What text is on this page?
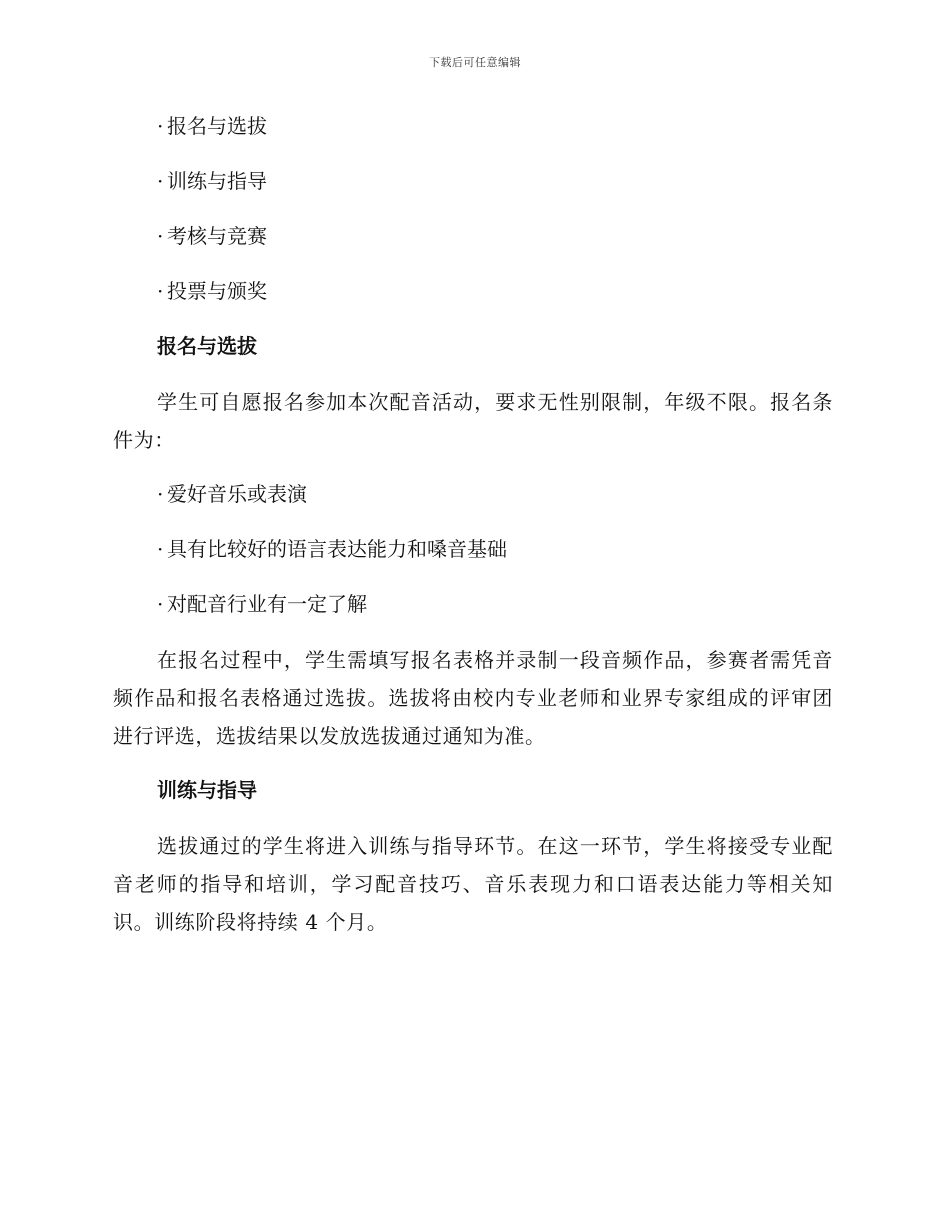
下载后可任意编辑
· 报名与选拔
· 训练与指导
· 考核与竞赛
· 投票与颁奖
报名与选拔
学生可自愿报名参加本次配音活动，要求无性别限制，年级不限。报名条件为：
· 爱好音乐或表演
· 具有比较好的语言表达能力和嗓音基础
· 对配音行业有一定了解
在报名过程中，学生需填写报名表格并录制一段音频作品，参赛者需凭音频作品和报名表格通过选拔。选拔将由校内专业老师和业界专家组成的评审团进行评选，选拔结果以发放选拔通过通知为准。
训练与指导
选拔通过的学生将进入训练与指导环节。在这一环节，学生将接受专业配音老师的指导和培训，学习配音技巧、音乐表现力和口语表达能力等相关知识。训练阶段将持续 4 个月。
